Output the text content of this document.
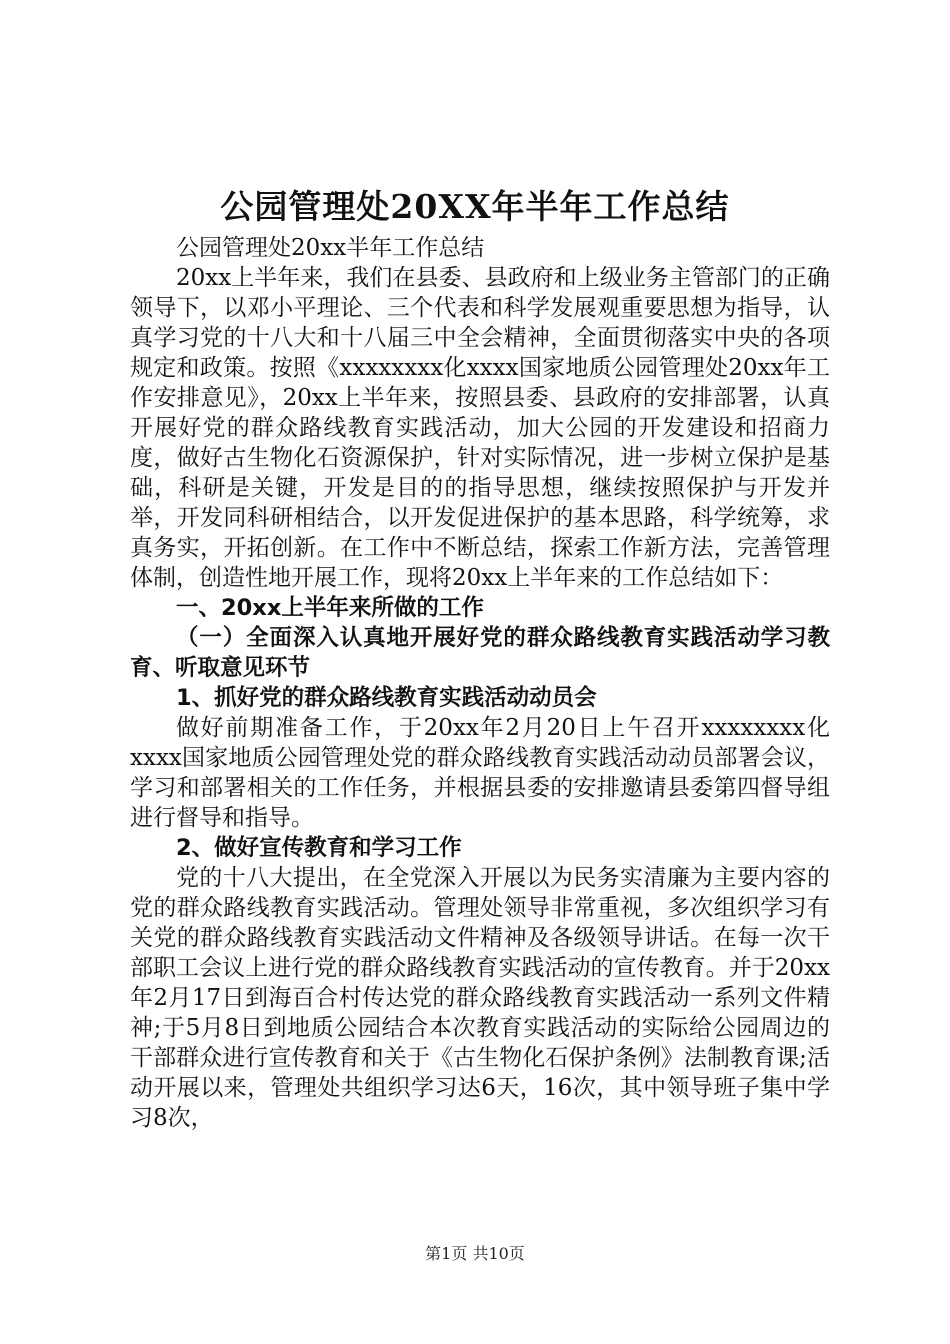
公园管理处20XX年半年工作总结

公园管理处20xx半年工作总结

20xx上半年来，我们在县委、县政府和上级业务主管部门的正确领导下，以邓小平理论、三个代表和科学发展观重要思想为指导，认真学习党的十八大和十八届三中全会精神，全面贯彻落实中央的各项规定和政策。按照《xxxxxxxx化xxxx国家地质公园管理处20xx年工作安排意见》，20xx上半年来，按照县委、县政府的安排部署，认真开展好党的群众路线教育实践活动，加大公园的开发建设和招商力度，做好古生物化石资源保护，针对实际情况，进一步树立保护是基础，科研是关键，开发是目的的指导思想，继续按照保护与开发并举，开发同科研相结合，以开发促进保护的基本思路，科学统筹，求真务实，开拓创新。在工作中不断总结，探索工作新方法，完善管理体制，创造性地开展工作，现将20xx上半年来的工作总结如下：

一、20xx上半年来所做的工作

（一）全面深入认真地开展好党的群众路线教育实践活动学习教育、听取意见环节

1、抓好党的群众路线教育实践活动动员会

做好前期准备工作，于20xx年2月20日上午召开xxxxxxxx化xxxx国家地质公园管理处党的群众路线教育实践活动动员部署会议，学习和部署相关的工作任务，并根据县委的安排邀请县委第四督导组进行督导和指导。

2、做好宣传教育和学习工作

党的十八大提出，在全党深入开展以为民务实清廉为主要内容的党的群众路线教育实践活动。管理处领导非常重视，多次组织学习有关党的群众路线教育实践活动文件精神及各级领导讲话。在每一次干部职工会议上进行党的群众路线教育实践活动的宣传教育。并于20xx年2月17日到海百合村传达党的群众路线教育实践活动一系列文件精神;于5月8日到地质公园结合本次教育实践活动的实际给公园周边的干部群众进行宣传教育和关于《古生物化石保护条例》法制教育课;活动开展以来，管理处共组织学习达6天，16次，其中领导班子集中学习8次，

第1页 共10页
